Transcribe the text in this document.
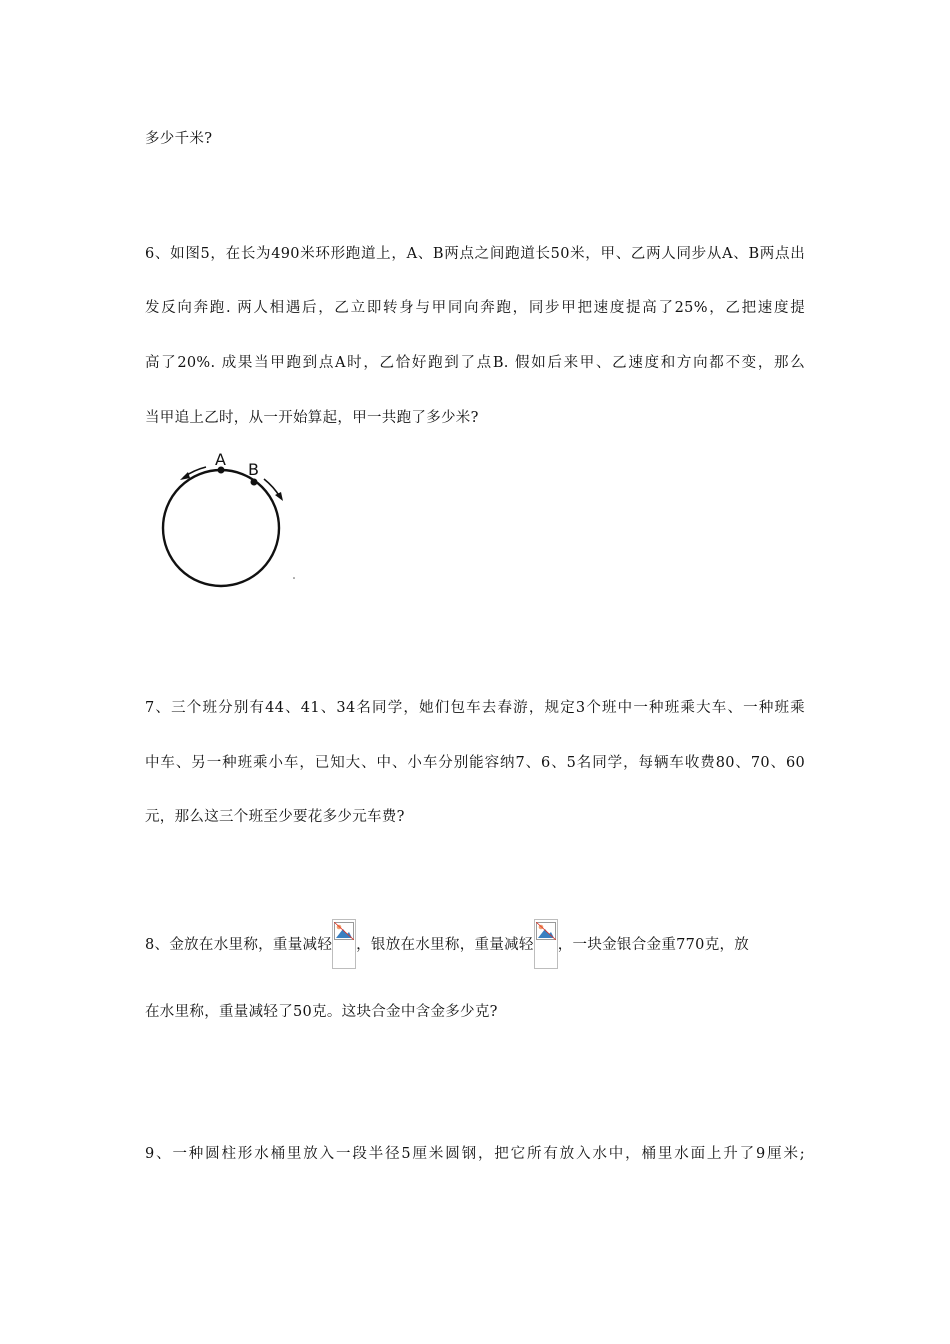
多少千米?
6、如图5，在长为490米环形跑道上，A、B两点之间跑道长50米，甲、乙两人同步从A、B两点出
发反向奔跑. 两人相遇后，乙立即转身与甲同向奔跑，同步甲把速度提高了25%，乙把速度提
高了20%. 成果当甲跑到点A时，乙恰好跑到了点B. 假如后来甲、乙速度和方向都不变，那么
当甲追上乙时，从一开始算起，甲一共跑了多少米?
A
B
7、三个班分别有44、41、34名同学，她们包车去春游，规定3个班中一种班乘大车、一种班乘
中车、另一种班乘小车，已知大、中、小车分别能容纳7、6、5名同学，每辆车收费80、70、60
元，那么这三个班至少要花多少元车费?
8、金放在水里称，重量减轻 ，银放在水里称，重量减轻 ，一块金银合金重770克，放
在水里称，重量减轻了50克。这块合金中含金多少克?
9、一种圆柱形水桶里放入一段半径5厘米圆钢，把它所有放入水中，桶里水面上升了9厘米;
